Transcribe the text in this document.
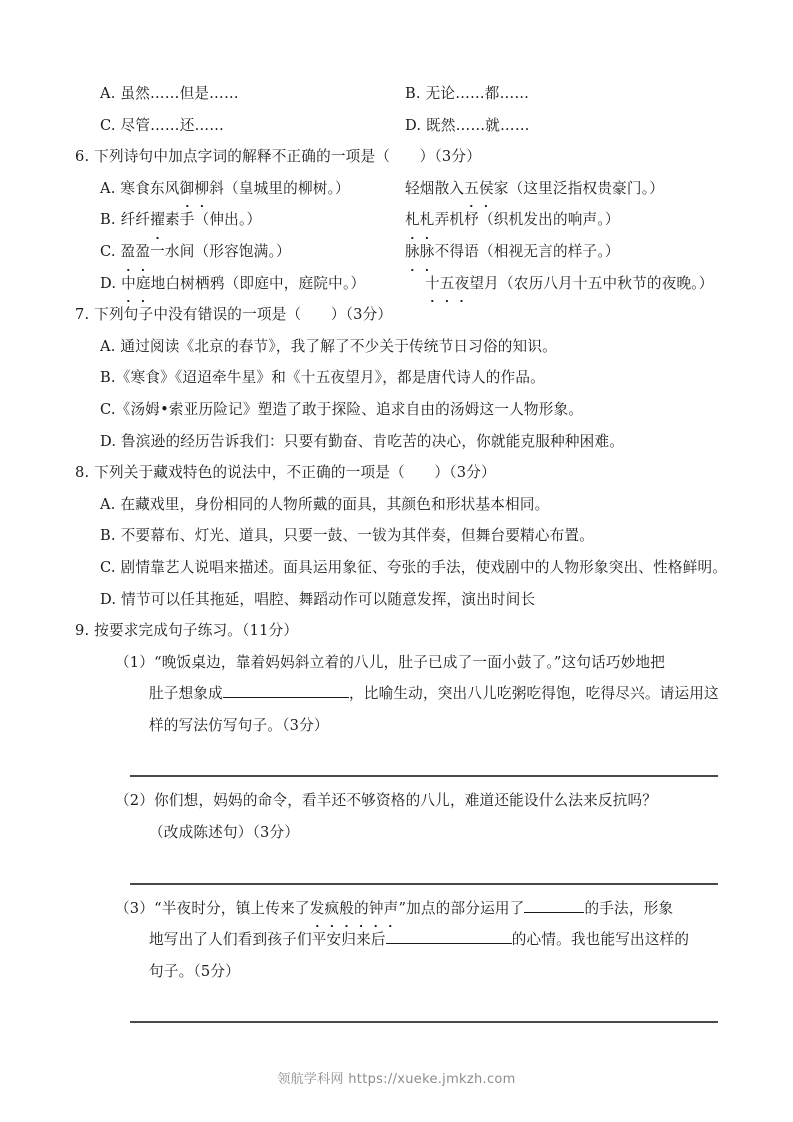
A. 虽然……但是……	B. 无论……都……
C. 尽管……还……	D. 既然……就……
6. 下列诗句中加点字词的解释不正确的一项是（　　）（3分）
A. 寒食东风御柳斜（皇城里的柳树。）	轻烟散入五侯家（这里泛指权贵豪门。）
B. 纤纤擢素手（伸出。）	札札弄机杼（织机发出的响声。）
C. 盈盈一水间（形容饱满。）	脉脉不得语（相视无言的样子。）
D. 中庭地白树栖鸦（即庭中，庭院中。）	十五夜望月（农历八月十五中秋节的夜晚。）
7. 下列句子中没有错误的一项是（　　）（3分）
A. 通过阅读《北京的春节》，我了解了不少关于传统节日习俗的知识。
B.《寒食》《迢迢牵牛星》和《十五夜望月》，都是唐代诗人的作品。
C.《汤姆•索亚历险记》塑造了敢于探险、追求自由的汤姆这一人物形象。
D. 鲁滨逊的经历告诉我们：只要有勤奋、肯吃苦的决心，你就能克服种种困难。
8. 下列关于藏戏特色的说法中，不正确的一项是（　　）（3分）
A. 在藏戏里，身份相同的人物所戴的面具，其颜色和形状基本相同。
B. 不要幕布、灯光、道具，只要一鼓、一钹为其伴奏，但舞台要精心布置。
C. 剧情靠艺人说唱来描述。面具运用象征、夸张的手法，使戏剧中的人物形象突出、性格鲜明。
D. 情节可以任其拖延，唱腔、舞蹈动作可以随意发挥，演出时间长
9. 按要求完成句子练习。（11分）
（1）“晚饭桌边，靠着妈妈斜立着的八儿，肚子已成了一面小鼓了。”这句话巧妙地把
肚子想象成	，比喻生动，突出八儿吃粥吃得饱，吃得尽兴。请运用这
样的写法仿写句子。（3分）
（2）你们想，妈妈的命令，看羊还不够资格的八儿，难道还能设什么法来反抗吗？
（改成陈述句）（3分）
（3）“半夜时分，镇上传来了发疯般的钟声”加点的部分运用了	的手法，形象
地写出了人们看到孩子们平安归来后	的心情。我也能写出这样的
句子。（5分）
领航学科网 https://xueke.jmkzh.com
